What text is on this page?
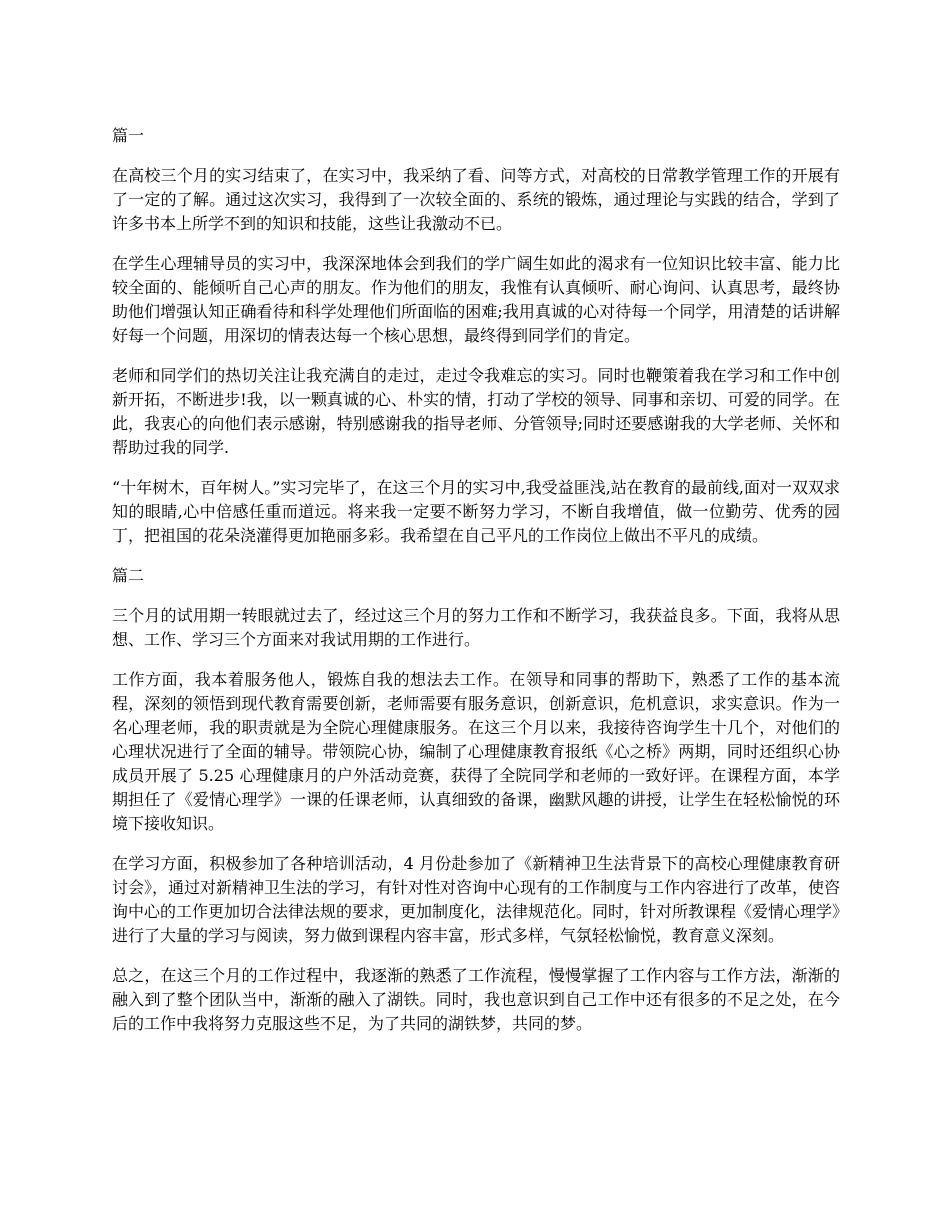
篇一

在高校三个月的实习结束了，在实习中，我采纳了看、问等方式，对高校的日常教学管理工作的开展有了一定的了解。通过这次实习，我得到了一次较全面的、系统的锻炼，通过理论与实践的结合，学到了许多书本上所学不到的知识和技能，这些让我激动不已。

在学生心理辅导员的实习中，我深深地体会到我们的学广阔生如此的渴求有一位知识比较丰富、能力比较全面的、能倾听自己心声的朋友。作为他们的朋友，我惟有认真倾听、耐心询问、认真思考，最终协助他们增强认知正确看待和科学处理他们所面临的困难;我用真诚的心对待每一个同学，用清楚的话讲解好每一个问题，用深切的情表达每一个核心思想，最终得到同学们的肯定。

老师和同学们的热切关注让我充满自的走过，走过令我难忘的实习。同时也鞭策着我在学习和工作中创新开拓，不断进步!我，以一颗真诚的心、朴实的情，打动了学校的领导、同事和亲切、可爱的同学。在此，我衷心的向他们表示感谢，特别感谢我的指导老师、分管领导;同时还要感谢我的大学老师、关怀和帮助过我的同学.

“十年树木，百年树人。”实习完毕了，在这三个月的实习中,我受益匪浅,站在教育的最前线,面对一双双求知的眼睛,心中倍感任重而道远。将来我一定要不断努力学习，不断自我增值，做一位勤劳、优秀的园丁，把祖国的花朵浇灌得更加艳丽多彩。我希望在自己平凡的工作岗位上做出不平凡的成绩。

篇二

三个月的试用期一转眼就过去了，经过这三个月的努力工作和不断学习，我获益良多。下面，我将从思想、工作、学习三个方面来对我试用期的工作进行。

工作方面，我本着服务他人，锻炼自我的想法去工作。在领导和同事的帮助下，熟悉了工作的基本流程，深刻的领悟到现代教育需要创新，老师需要有服务意识，创新意识，危机意识，求实意识。作为一名心理老师，我的职责就是为全院心理健康服务。在这三个月以来，我接待咨询学生十几个，对他们的心理状况进行了全面的辅导。带领院心协，编制了心理健康教育报纸《心之桥》两期，同时还组织心协成员开展了 5.25 心理健康月的户外活动竞赛，获得了全院同学和老师的一致好评。在课程方面，本学期担任了《爱情心理学》一课的任课老师，认真细致的备课，幽默风趣的讲授，让学生在轻松愉悦的环境下接收知识。

在学习方面，积极参加了各种培训活动，4 月份赴参加了《新精神卫生法背景下的高校心理健康教育研讨会》，通过对新精神卫生法的学习，有针对性对咨询中心现有的工作制度与工作内容进行了改革，使咨询中心的工作更加切合法律法规的要求，更加制度化，法律规范化。同时，针对所教课程《爱情心理学》进行了大量的学习与阅读，努力做到课程内容丰富，形式多样，气氛轻松愉悦，教育意义深刻。

总之，在这三个月的工作过程中，我逐渐的熟悉了工作流程，慢慢掌握了工作内容与工作方法，渐渐的融入到了整个团队当中，渐渐的融入了湖铁。同时，我也意识到自己工作中还有很多的不足之处，在今后的工作中我将努力克服这些不足，为了共同的湖铁梦，共同的梦。
